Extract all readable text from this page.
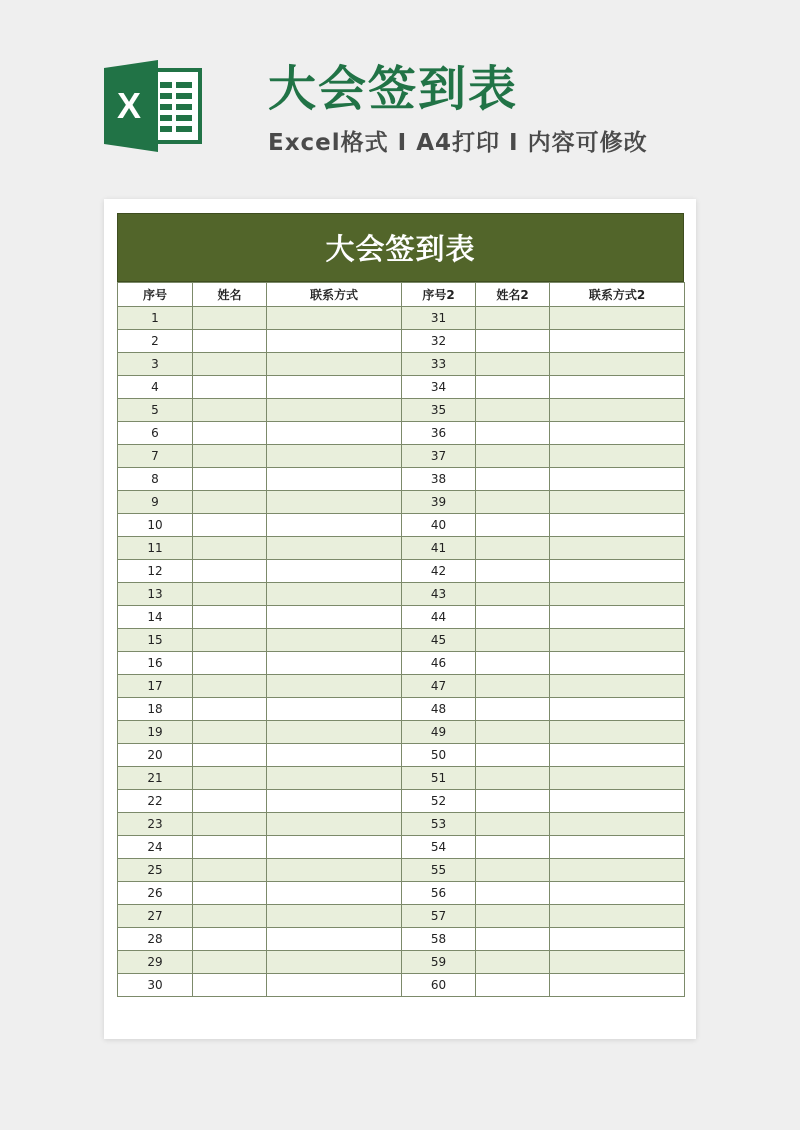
X	大会签到表
Excel格式 I A4打印 I 内容可修改
大会签到表
序号	姓名	联系方式	序号2	姓名2	联系方式2
1			31		
2			32		
3			33		
4			34		
5			35		
6			36		
7			37		
8			38		
9			39		
10			40		
11			41		
12			42		
13			43		
14			44		
15			45		
16			46		
17			47		
18			48		
19			49		
20			50		
21			51		
22			52		
23			53		
24			54		
25			55		
26			56		
27			57		
28			58		
29			59		
30			60		
